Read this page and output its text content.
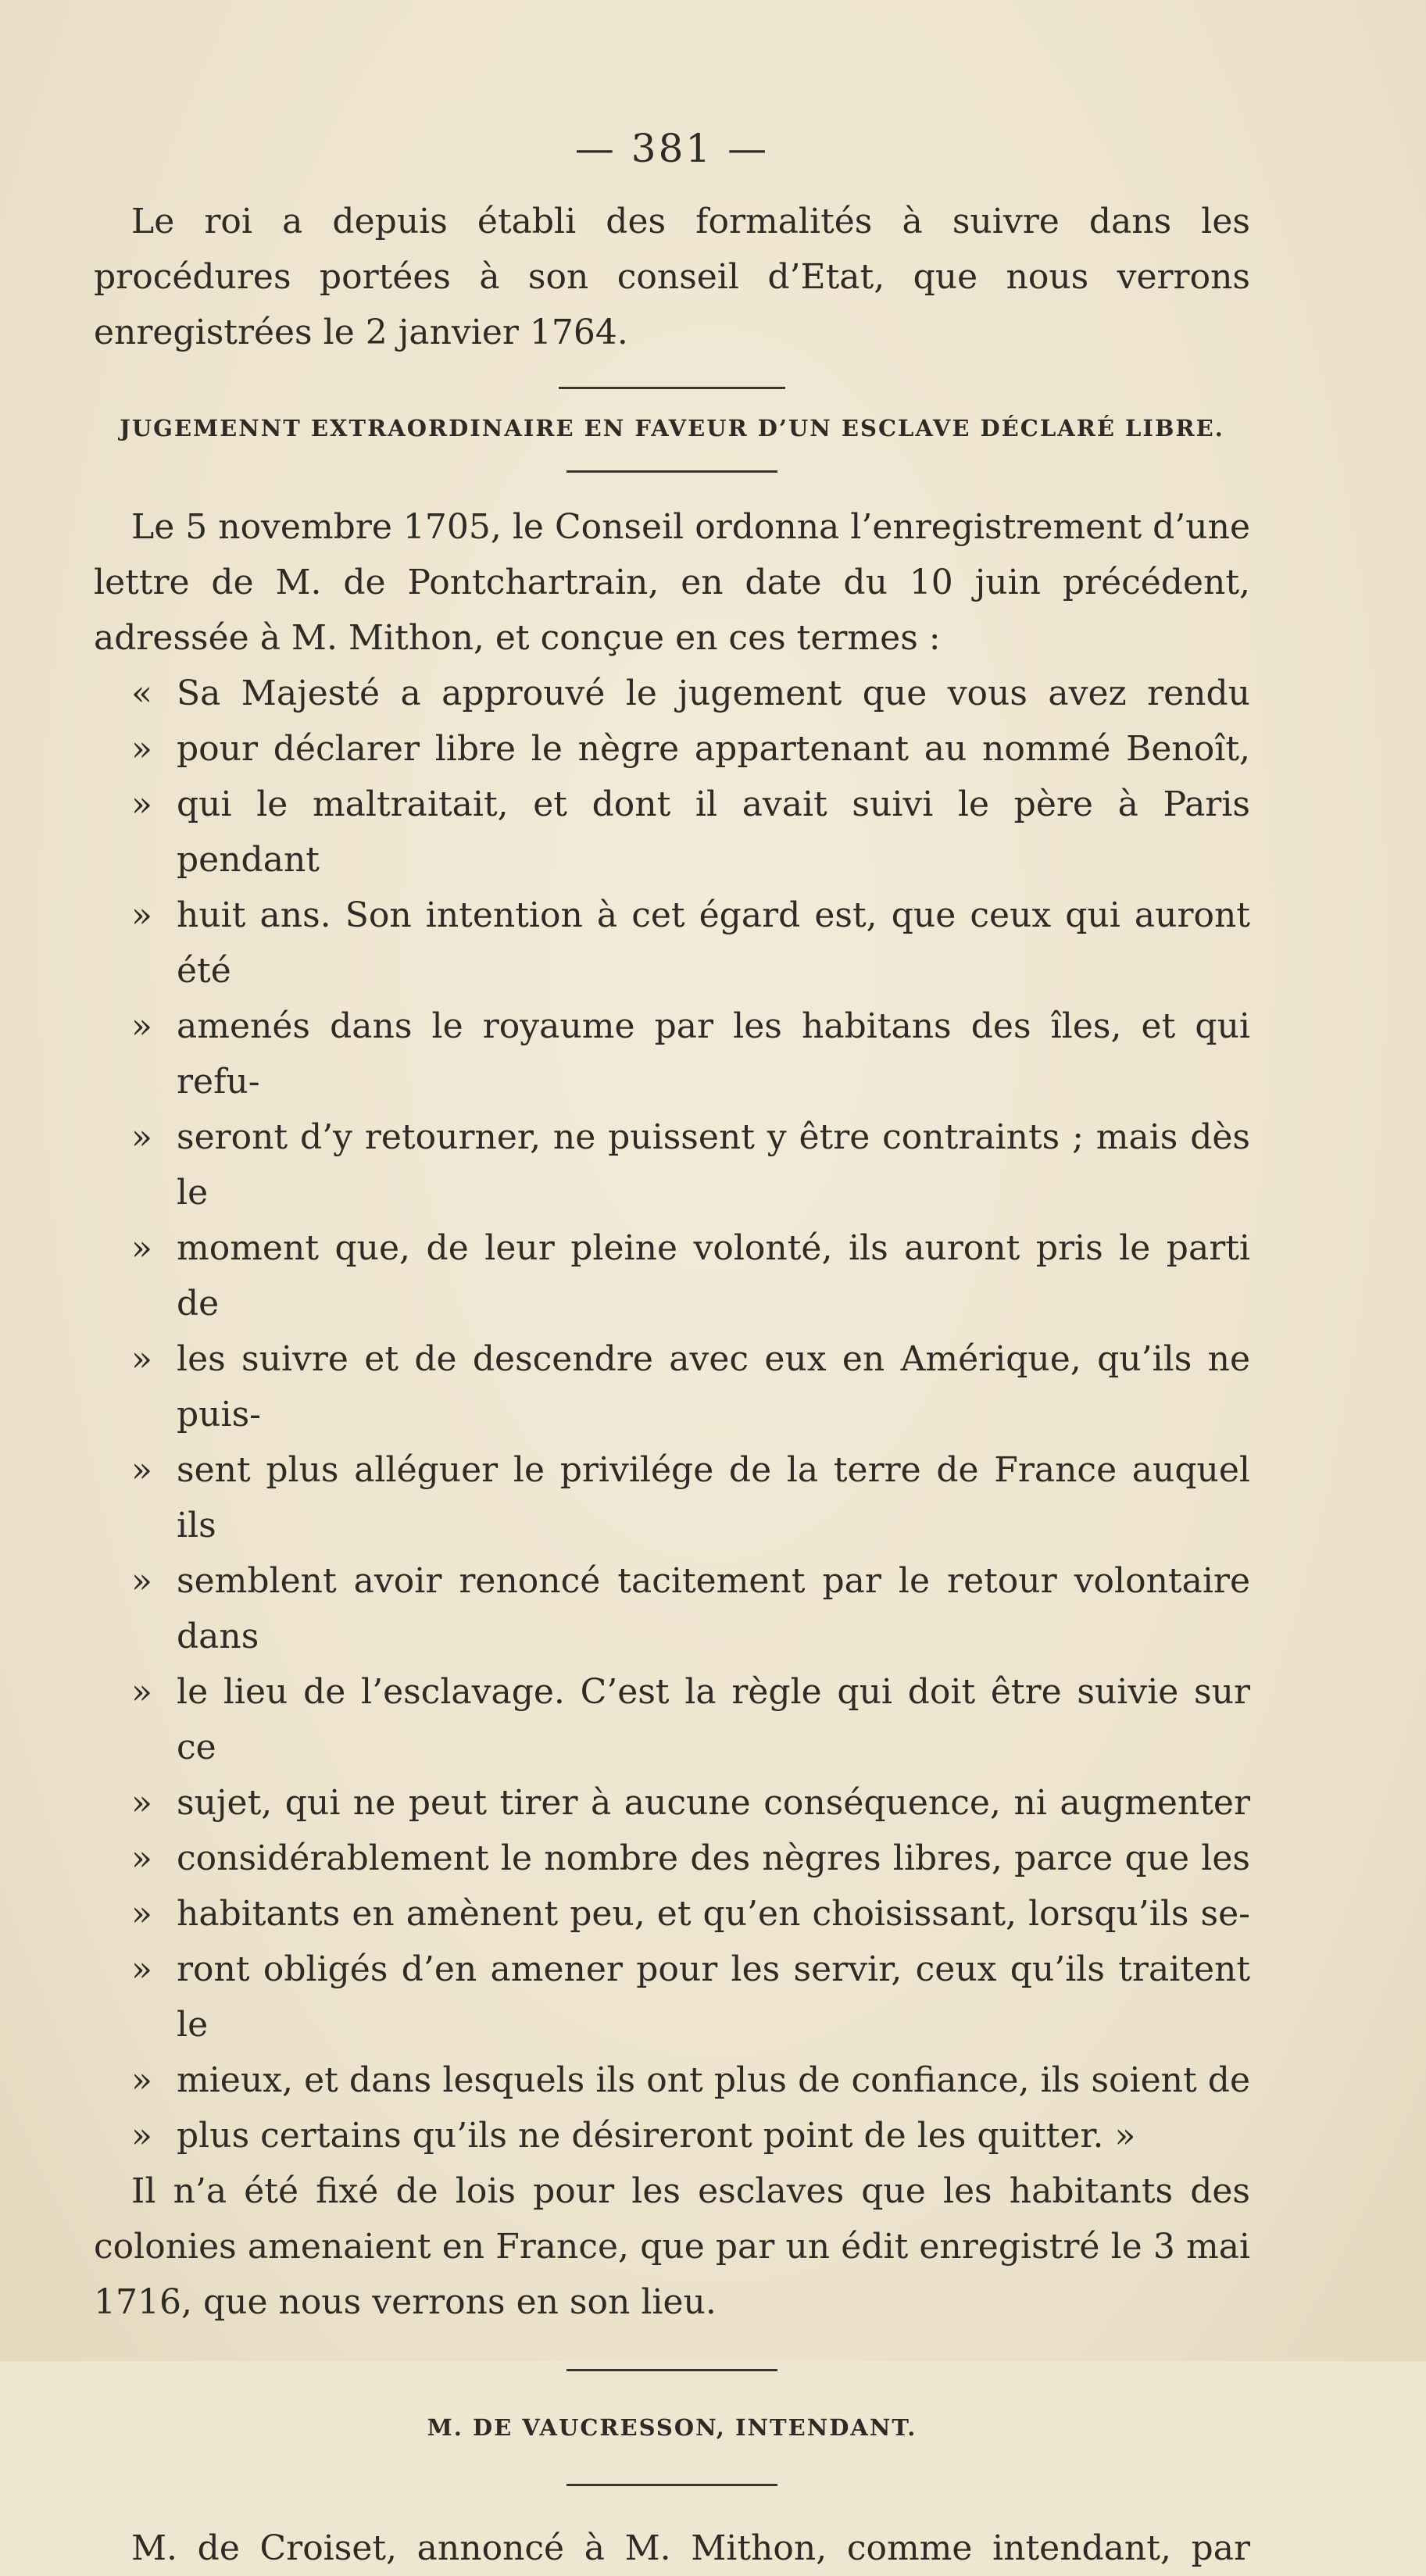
— 381 —

Le roi a depuis établi des formalités à suivre dans les procédures portées à son conseil d’Etat, que nous verrons enregistrées le 2 janvier 1764.

JUGEMENNT EXTRAORDINAIRE EN FAVEUR D’UN ESCLAVE DÉCLARÉ LIBRE.

Le 5 novembre 1705, le Conseil ordonna l’enregistrement d’une lettre de M. de Pontchartrain, en date du 10 juin précédent, adressée à M. Mithon, et conçue en ces termes :

« Sa Majesté a approuvé le jugement que vous avez rendu
» pour déclarer libre le nègre appartenant au nommé Benoît,
» qui le maltraitait, et dont il avait suivi le père à Paris pendant
» huit ans. Son intention à cet égard est, que ceux qui auront été
» amenés dans le royaume par les habitans des îles, et qui refu-
» seront d’y retourner, ne puissent y être contraints ; mais dès le
» moment que, de leur pleine volonté, ils auront pris le parti de
» les suivre et de descendre avec eux en Amérique, qu’ils ne puis-
» sent plus alléguer le privilége de la terre de France auquel ils
» semblent avoir renoncé tacitement par le retour volontaire dans
» le lieu de l’esclavage. C’est la règle qui doit être suivie sur ce
» sujet, qui ne peut tirer à aucune conséquence, ni augmenter
» considérablement le nombre des nègres libres, parce que les
» habitants en amènent peu, et qu’en choisissant, lorsqu’ils se-
» ront obligés d’en amener pour les servir, ceux qu’ils traitent le
» mieux, et dans lesquels ils ont plus de confiance, ils soient de
» plus certains qu’ils ne désireront point de les quitter. »

Il n’a été fixé de lois pour les esclaves que les habitants des colonies amenaient en France, que par un édit enregistré le 3 mai 1716, que nous verrons en son lieu.

M. DE VAUCRESSON, INTENDANT.

M. de Croiset, annoncé à M. Mithon, comme intendant, par
